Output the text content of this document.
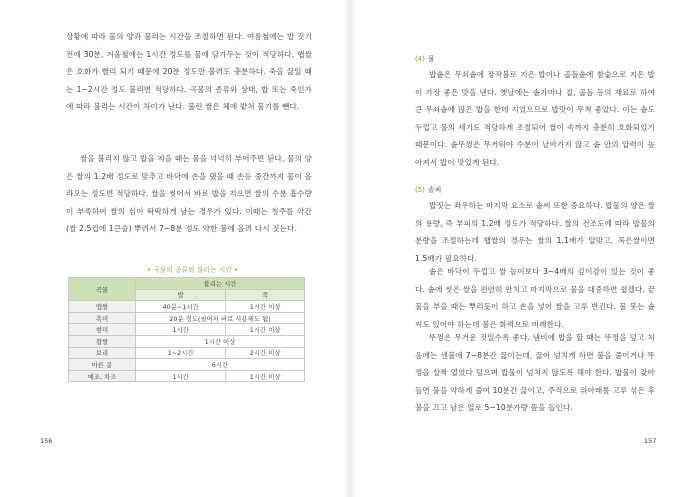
상황에 따라 물의 양과 불리는 시간을 조절하면 된다. 여름철에는 밥 짓기 전에 30분, 겨울철에는 1시간 정도를 물에 담가두는 것이 적당하다. 햅쌀은 호화가 빨리 되기 때문에 20분 정도만 불려도 충분하다. 죽을 끓일 때는 1~2시간 정도 불리면 적당하다. 곡물의 종류와 상태, 밥 또는 죽인가에 따라 불리는 시간이 차이가 난다. 불린 쌀은 체에 밭쳐 물기를 뺀다.

쌀을 불리지 않고 밥을 지을 때는 물을 넉넉히 부어주면 된다. 물의 양은 쌀의 1.2배 정도로 맞추고 바닥에 손을 댔을 때 손등 중간까지 물이 올라오는 정도면 적당하다. 쌀을 씻어서 바로 밥을 지으면 쌀의 수분 흡수량이 부족하여 쌀의 심이 딱딱하게 남는 경우가 있다. 이때는 청주를 약간(쌀 2.5컵에 1큰술) 뿌려서 7~8분 정도 약한 불에 올려 다시 짓는다.

• 곡물의 종류와 불리는 시간 •

곡물	불리는 시간	
	밥	죽
멥쌀	40분~1시간	1시간 이상
흑미	20분 정도(씻어서 바로 사용해도 됨)	
현미	1시간	1시간 이상
찹쌀	1시간 이상	
보리	1~2시간	2시간 이상
마른 콩	6시간	
메조, 차조	1시간	1시간 이상
156

(4) 물

밥솥은 무쇠솥에 장작불로 지은 밥이나 곱돌솥에 참숯으로 지은 밥이 가장 좋은 맛을 낸다. 옛날에는 솥가마나 질, 곱돌 등의 재료로 하여 큰 무쇠솥에 많은 밥을 한데 지었으므로 밥맛이 무척 좋았다. 이는 솥도 두껍고 불의 세기도 적당하게 조절되어 쌀이 속까지 충분히 호화되었기 때문이다. 솥뚜껑은 무거워야 수분이 날아가지 않고 솥 안의 압력이 높아져서 밥이 맛있게 된다.

(5) 솥씨

밥짓는 좌우하는 마지막 요소로 솥씨 또한 중요하다. 밥물의 양은 쌀의 용량, 즉 부피의 1.2배 정도가 적당하다. 쌀의 건조도에 따라 밥물의 분량을 조절하는데 햅쌀의 경우는 쌀의 1.1배가 알맞고, 묵은쌀이면 1.5배가 필요하다.

솥은 바닥이 두껍고 쌀 높이보다 3~4배의 깊이감이 있는 것이 좋다. 솥에 씻은 쌀을 편안히 안치고 마지막으로 물을 대중하면 쉽겠다. 끝물을 부을 때는 뿌리듯이 하고 손을 넣어 쌀을 고루 반긴다. 물 붓는 솥씨도 있어야 하는데 불은 화력으로 비례한다.

뚜껑은 무거운 것일수록 좋다. 냄비에 밥을 할 때는 뚜껑을 덮고 처음에는 센불에 7~8분간 끓이는데, 끓어 넘치게 하면 불을 줄이거나 뚜껑을 살짝 열었다 덮으며 밥물이 넘치지 않도록 해야 한다. 밥물이 잦아들면 불을 약하게 줄여 10분간 끓이고, 주걱으로 위아래를 고루 섞은 후 불을 끄고 남은 열로 5~10분가량 뜸을 들인다.

157
